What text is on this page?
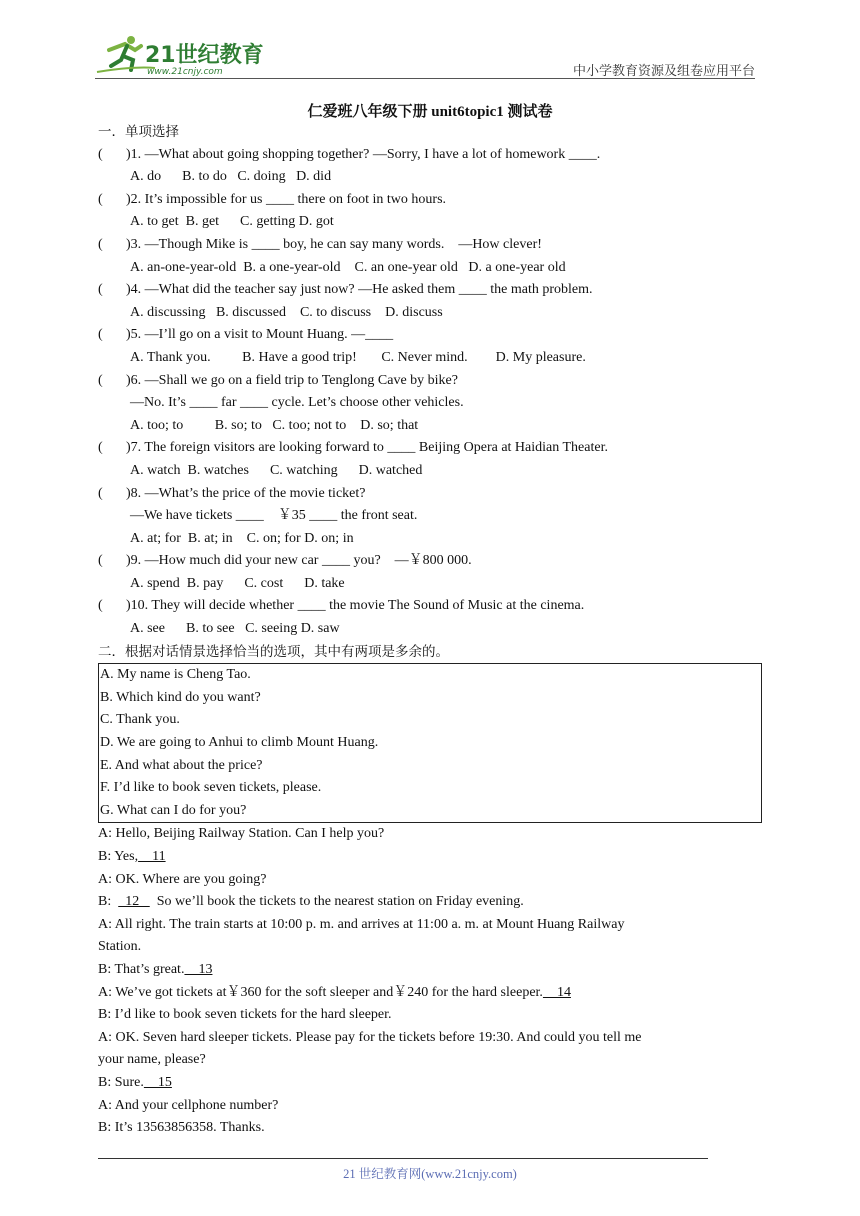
21世纪教育
www.21cnjy.com	中小学教育资源及组卷应用平台
仁爱班八年级下册 unit6topic1 测试卷
一．单项选择
( )1. —What about going shopping together? —Sorry, I have a lot of homework ____.
A. do      B. to do   C. doing   D. did
( )2. It’s impossible for us ____ there on foot in two hours.
A. to get  B. get      C. getting D. got
( )3. —Though Mike is ____ boy, he can say many words.    —How clever!
A. an-one-year-old  B. a one-year-old    C. an one-year old   D. a one-year old
( )4. —What did the teacher say just now? —He asked them ____ the math problem.
A. discussing   B. discussed    C. to discuss    D. discuss
( )5. —I’ll go on a visit to Mount Huang. —____
A. Thank you.         B. Have a good trip!       C. Never mind.        D. My pleasure.
( )6. —Shall we go on a field trip to Tenglong Cave by bike?
—No. It’s ____ far ____ cycle. Let’s choose other vehicles.
A. too; to         B. so; to   C. too; not to    D. so; that
( )7. The foreign visitors are looking forward to ____ Beijing Opera at Haidian Theater.
A. watch  B. watches      C. watching      D. watched
( )8. —What’s the price of the movie ticket?
—We have tickets ____    ￥35 ____ the front seat.
A. at; for  B. at; in    C. on; for D. on; in
( )9. —How much did your new car ____ you?    —￥800 000.
A. spend  B. pay      C. cost      D. take
( )10. They will decide whether ____ the movie The Sound of Music at the cinema.
A. see      B. to see   C. seeing D. saw
二．根据对话情景选择恰当的选项，其中有两项是多余的。
A. My name is Cheng Tao.
B. Which kind do you want?
C. Thank you.
D. We are going to Anhui to climb Mount Huang.
E. And what about the price?
F. I’d like to book seven tickets, please.
G. What can I do for you?
A: Hello, Beijing Railway Station. Can I help you?
B: Yes,    11
A: OK. Where are you going?
B:    12     So we’ll book the tickets to the nearest station on Friday evening.
A: All right. The train starts at 10:00 p. m. and arrives at 11:00 a. m. at Mount Huang Railway
Station.
B: That’s great.    13
A: We’ve got tickets at￥360 for the soft sleeper and￥240 for the hard sleeper.    14
B: I’d like to book seven tickets for the hard sleeper.
A: OK. Seven hard sleeper tickets. Please pay for the tickets before 19:30. And could you tell me
your name, please?
B: Sure.    15
A: And your cellphone number?
B: It’s 13563856358. Thanks.
21 世纪教育网(www.21cnjy.com)
